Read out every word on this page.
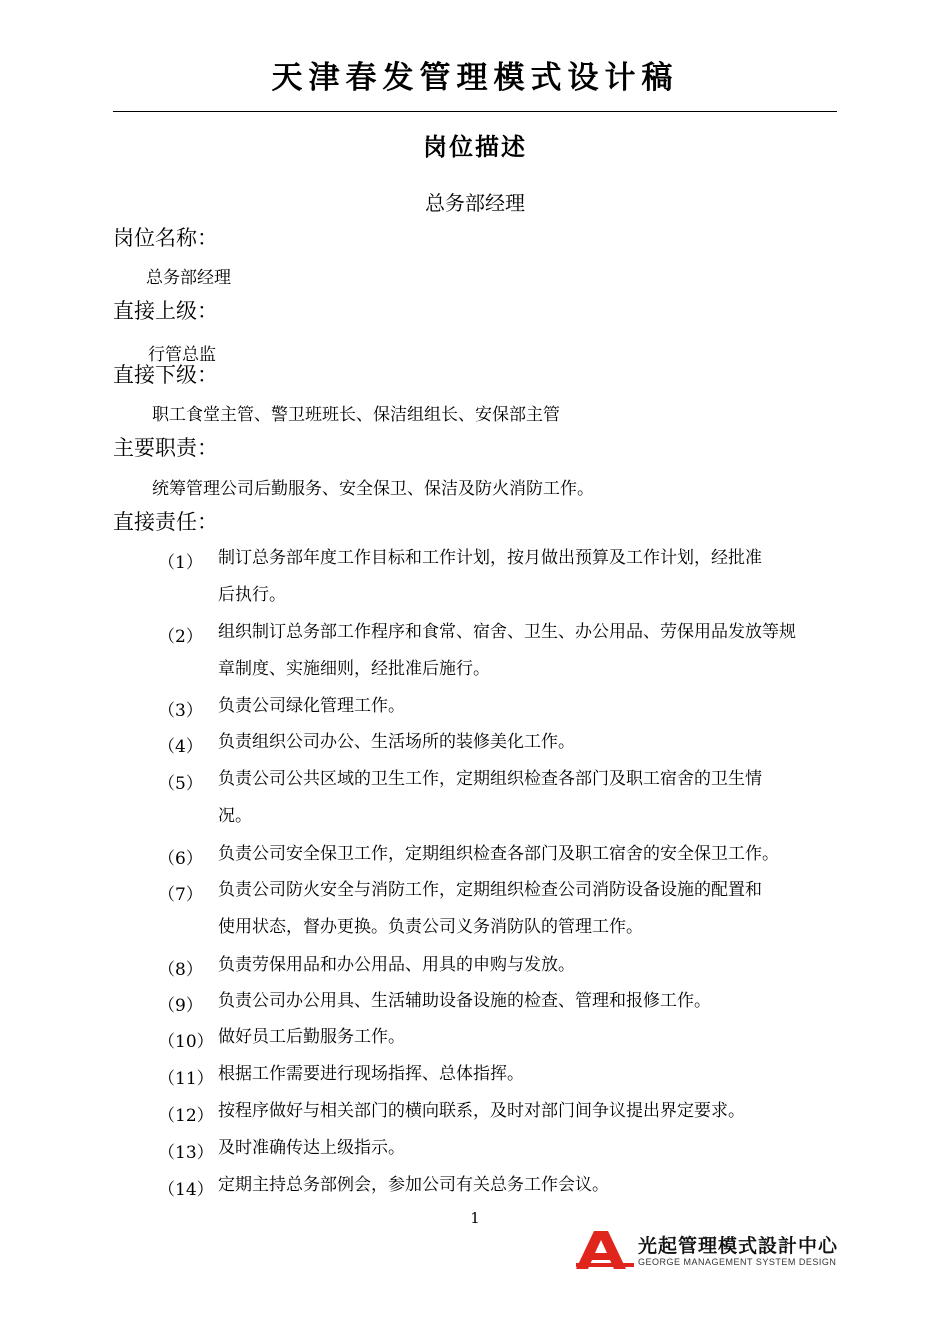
天津春发管理模式设计稿
岗位描述
总务部经理
岗位名称：
总务部经理
直接上级：
行管总监
直接下级：
职工食堂主管、警卫班班长、保洁组组长、安保部主管
主要职责：
统筹管理公司后勤服务、安全保卫、保洁及防火消防工作。
直接责任：
（1） 制订总务部年度工作目标和工作计划，按月做出预算及工作计划，经批准
后执行。
（2） 组织制订总务部工作程序和食常、宿舍、卫生、办公用品、劳保用品发放等规
章制度、实施细则，经批准后施行。
（3） 负责公司绿化管理工作。
（4） 负责组织公司办公、生活场所的装修美化工作。
（5） 负责公司公共区域的卫生工作，定期组织检查各部门及职工宿舍的卫生情
况。
（6） 负责公司安全保卫工作，定期组织检查各部门及职工宿舍的安全保卫工作。
（7） 负责公司防火安全与消防工作，定期组织检查公司消防设备设施的配置和
使用状态，督办更换。负责公司义务消防队的管理工作。
（8） 负责劳保用品和办公用品、用具的申购与发放。
（9） 负责公司办公用具、生活辅助设备设施的检查、管理和报修工作。
（10） 做好员工后勤服务工作。
（11） 根据工作需要进行现场指挥、总体指挥。
（12） 按程序做好与相关部门的横向联系，及时对部门间争议提出界定要求。
（13） 及时准确传达上级指示。
（14） 定期主持总务部例会，参加公司有关总务工作会议。
1
光起管理模式設計中心
GEORGE MANAGEMENT SYSTEM DESIGN
